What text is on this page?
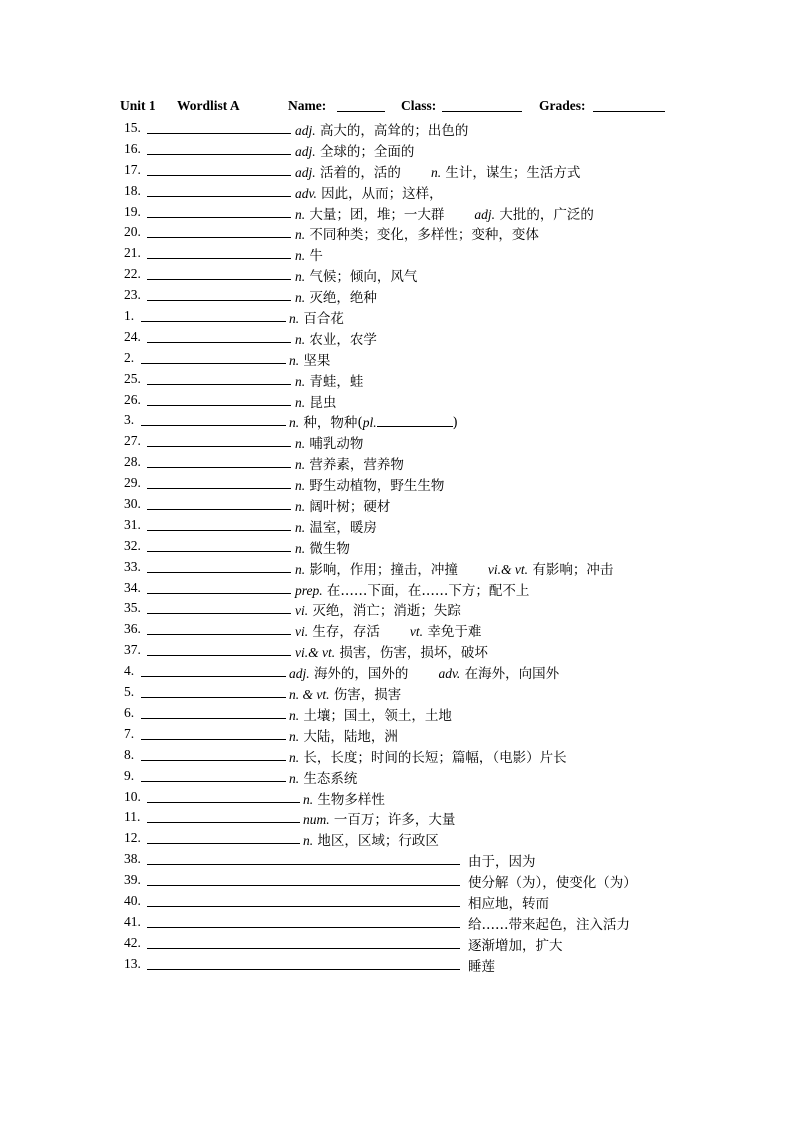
Unit 1 Wordlist A	Name:	Class:	Grades:
15.	adj. 高大的，高耸的；出色的
16.	adj. 全球的；全面的
17.	adj. 活着的，活的 n. 生计，谋生；生活方式
18.	adv. 因此，从而；这样，
19.	n. 大量；团，堆；一大群 adj. 大批的，广泛的
20.	n. 不同种类；变化，多样性；变种，变体
21.	n. 牛
22.	n. 气候；倾向，风气
23.	n. 灭绝，绝种
1.	n. 百合花
24.	n. 农业，农学
2.	n. 坚果
25.	n. 青蛙，蛙
26.	n. 昆虫
3.	n. 种，物种(pl.	)
27.	n. 哺乳动物
28.	n. 营养素，营养物
29.	n. 野生动植物，野生生物
30.	n. 阔叶树；硬材
31.	n. 温室，暖房
32.	n. 微生物
33.	n. 影响，作用；撞击，冲撞 vi.& vt. 有影响；冲击
34.	prep. 在……下面，在……下方；配不上
35.	vi. 灭绝，消亡；消逝；失踪
36.	vi. 生存，存活 vt. 幸免于难
37.	vi.& vt. 损害，伤害，损坏，破坏
4.	adj. 海外的，国外的 adv. 在海外，向国外
5.	n. & vt. 伤害，损害
6.	n. 土壤；国土，领土，土地
7.	n. 大陆，陆地，洲
8.	n. 长，长度；时间的长短；篇幅，（电影）片长
9.	n. 生态系统
10.	n. 生物多样性
11.	num. 一百万；许多，大量
12.	n. 地区，区域；行政区
38.	由于，因为
39.	使分解（为），使变化（为）
40.	相应地，转而
41.	给……带来起色，注入活力
42.	逐渐增加，扩大
13.	睡莲
